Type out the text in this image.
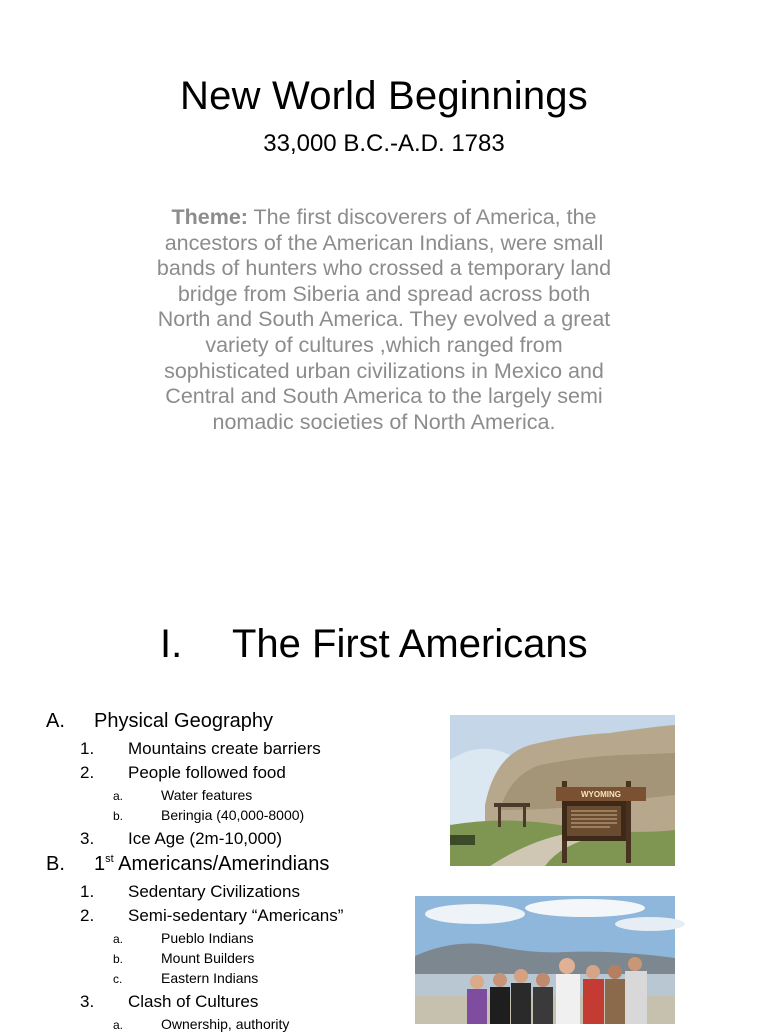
New World Beginnings
33,000 B.C.-A.D. 1783
Theme: The first discoverers of America, the
ancestors of the American Indians, were small
bands of hunters who crossed a temporary land
bridge from Siberia and spread across both
North and South America. They evolved a great
variety of cultures ,which ranged from
sophisticated urban civilizations in Mexico and
Central and South America to the largely semi
nomadic societies of North America.
I. The First Americans
A. Physical Geography
1. Mountains create barriers
2. People followed food
a.	Water features
b.	Beringia (40,000-8000)
3. Ice Age (2m-10,000)
B. 1st Americans/Amerindians
1. Sedentary Civilizations
2. Semi-sedentary “Americans”
a.	Pueblo Indians
b.	Mount Builders
c.	Eastern Indians
3. Clash of Cultures
a.	Ownership, authority
WYOMING
